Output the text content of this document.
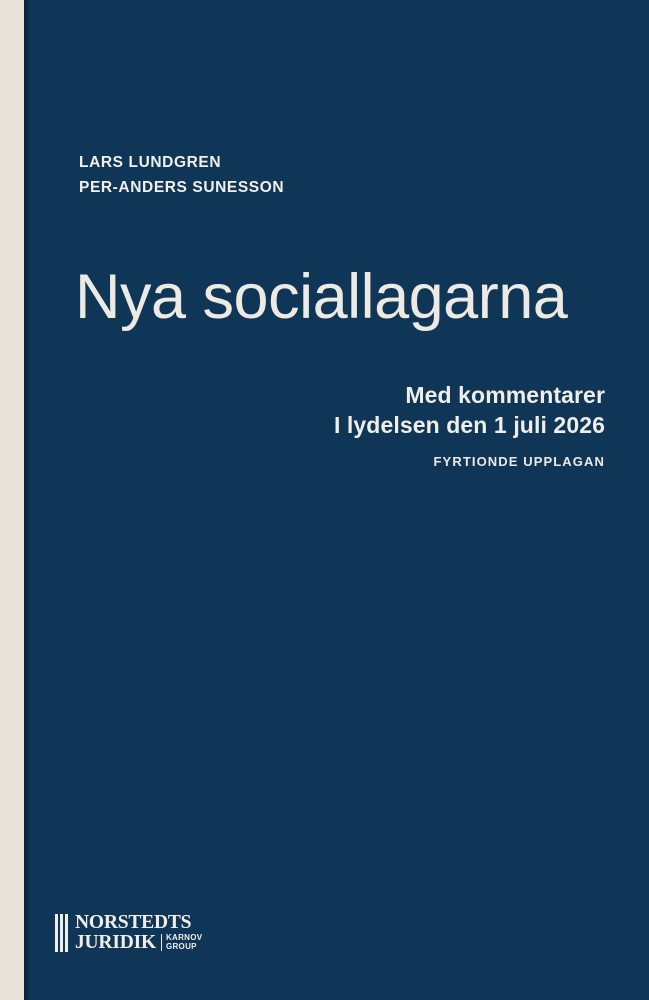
LARS LUNDGREN
PER-ANDERS SUNESSON
Nya sociallagarna
Med kommentarer
I lydelsen den 1 juli 2026
FYRTIONDE UPPLAGAN
NORSTEDTS
JURIDIK KARNOV
GROUP
